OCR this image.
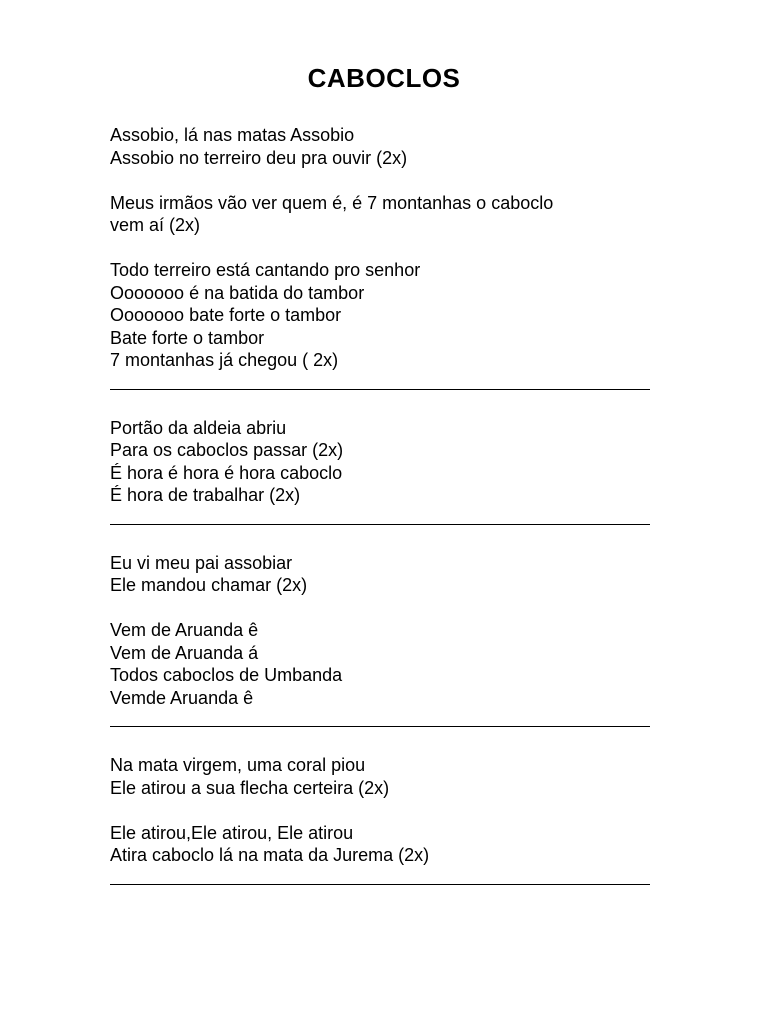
CABOCLOS
Assobio, lá nas matas Assobio
Assobio no terreiro deu pra ouvir (2x)
Meus irmãos vão ver quem é, é 7 montanhas o caboclo
vem aí (2x)
Todo terreiro está cantando pro senhor
Ooooooo é na batida do tambor
Ooooooo bate forte o tambor
Bate forte o tambor
7 montanhas já chegou ( 2x)
Portão da aldeia abriu
Para os caboclos passar (2x)
É hora é hora é hora caboclo
É hora de trabalhar (2x)
Eu vi meu pai assobiar
Ele mandou chamar (2x)
Vem de Aruanda ê
Vem de Aruanda á
Todos caboclos de Umbanda
Vemde Aruanda ê
Na mata virgem, uma coral piou
Ele atirou a sua flecha certeira (2x)
Ele atirou,Ele atirou, Ele atirou
Atira caboclo lá na mata da Jurema (2x)
